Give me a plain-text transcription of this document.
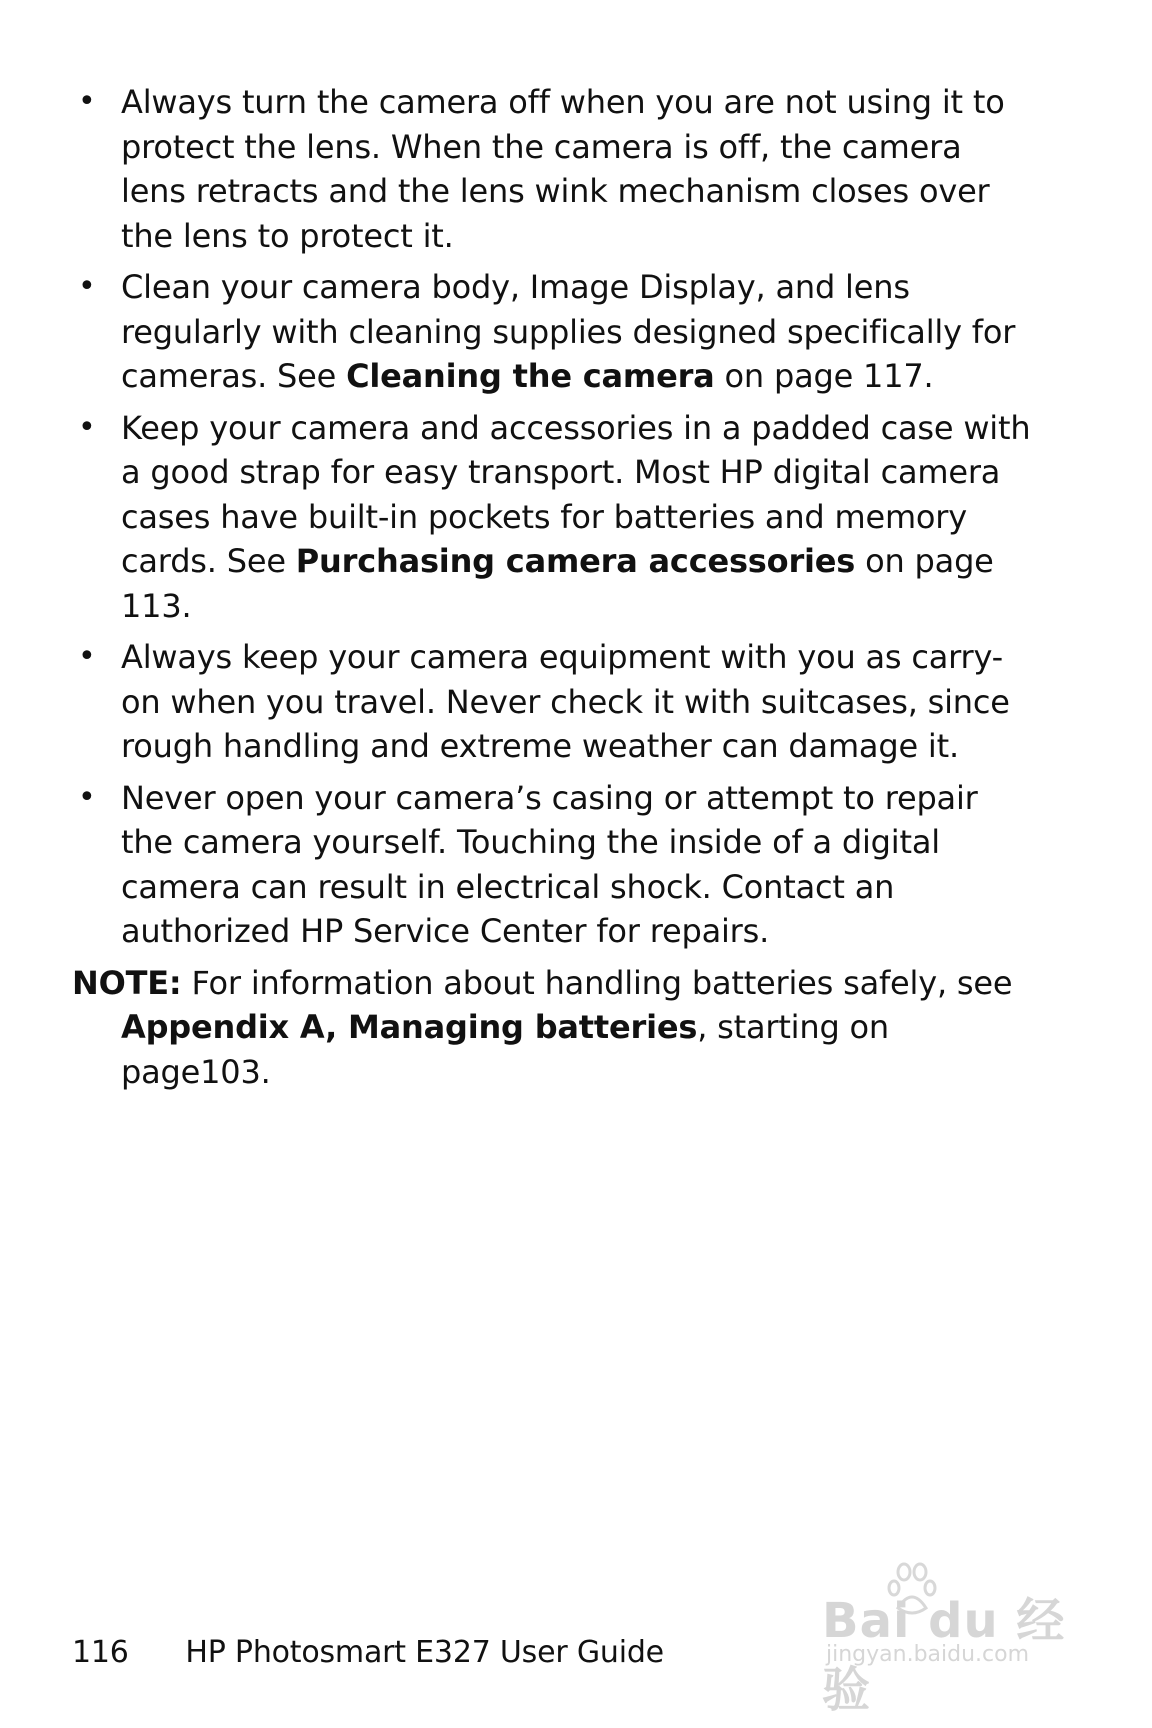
• Always turn the camera off when you are not using it to protect the lens. When the camera is off, the camera lens retracts and the lens wink mechanism closes over the lens to protect it.
• Clean your camera body, Image Display, and lens regularly with cleaning supplies designed specifically for cameras. See Cleaning the camera on page 117.
• Keep your camera and accessories in a padded case with a good strap for easy transport. Most HP digital camera cases have built-in pockets for batteries and memory cards. See Purchasing camera accessories on page 113.
• Always keep your camera equipment with you as carry-on when you travel. Never check it with suitcases, since rough handling and extreme weather can damage it.
• Never open your camera’s casing or attempt to repair the camera yourself. Touching the inside of a digital camera can result in electrical shock. Contact an authorized HP Service Center for repairs.
NOTE: For information about handling batteries safely, see
Appendix A, Managing batteries, starting on page103.
116 HP Photosmart E327 User Guide
Bai du 经验
jingyan.baidu.com
